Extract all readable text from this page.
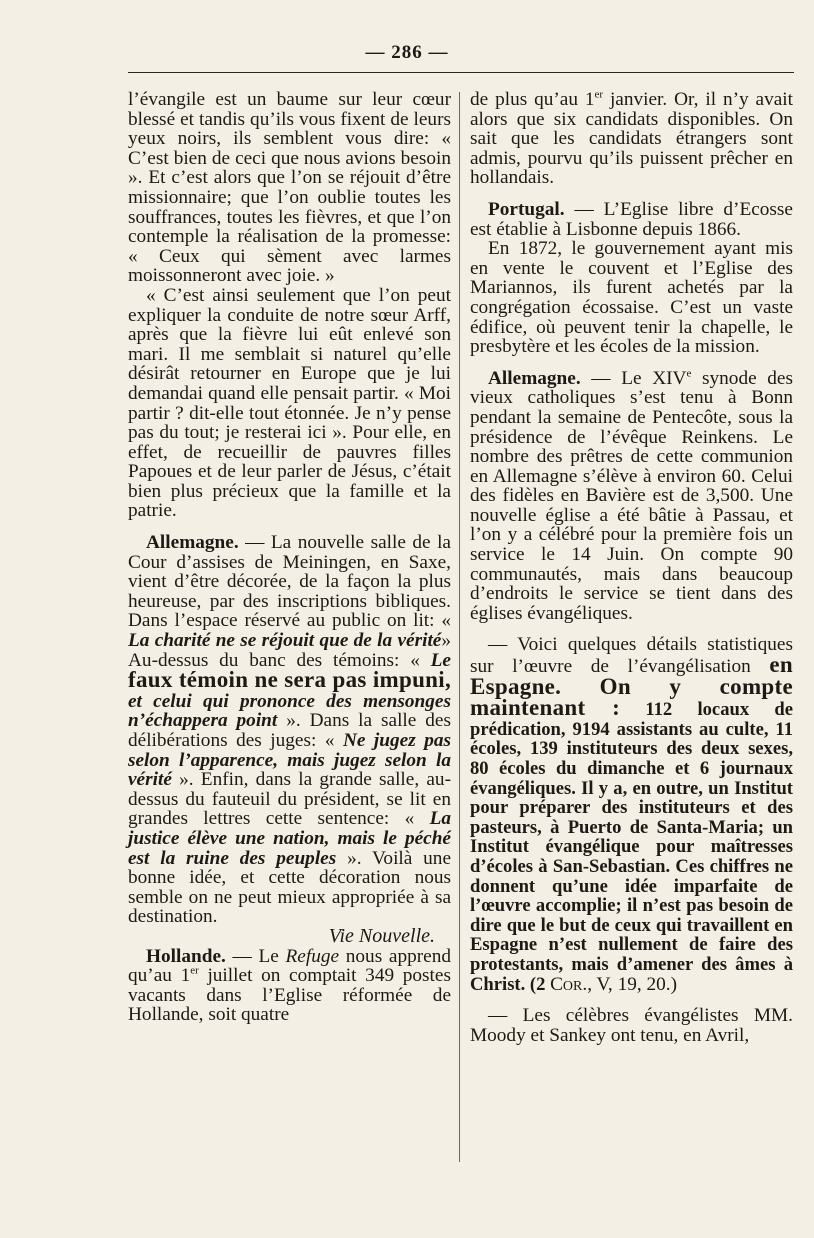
— 286 —

l’évangile est un baume sur leur cœur blessé et tandis qu’ils vous fixent de leurs yeux noirs, ils semblent vous dire: « C’est bien de ceci que nous avions besoin ». Et c’est alors que l’on se réjouit d’être missionnaire; que l’on oublie toutes les souffrances, toutes les fièvres, et que l’on contemple la réalisation de la promesse: « Ceux qui sèment avec larmes moissonneront avec joie. »

« C’est ainsi seulement que l’on peut expliquer la conduite de notre sœur Arff, après que la fièvre lui eût enlevé son mari. Il me semblait si naturel qu’elle désirât retourner en Europe que je lui demandai quand elle pensait partir. « Moi partir ? dit-elle tout étonnée. Je n’y pense pas du tout; je resterai ici ». Pour elle, en effet, de recueillir de pauvres filles Papoues et de leur parler de Jésus, c’était bien plus précieux que la famille et la patrie.

Allemagne. — La nouvelle salle de la Cour d’assises de Meiningen, en Saxe, vient d’être décorée, de la façon la plus heureuse, par des inscriptions bibliques. Dans l’espace réservé au public on lit: « La charité ne se réjouit que de la vérité» Au-dessus du banc des témoins: « Le faux témoin ne sera pas impuni, et celui qui prononce des mensonges n’échappera point ». Dans la salle des délibérations des juges: « Ne jugez pas selon l’apparence, mais jugez selon la vérité ». Enfin, dans la grande salle, au-dessus du fauteuil du président, se lit en grandes lettres cette sentence: « La justice élève une nation, mais le péché est la ruine des peuples ». Voilà une bonne idée, et cette décoration nous semble on ne peut mieux appropriée à sa destination.

Vie Nouvelle.

Hollande. — Le Refuge nous apprend qu’au 1er juillet on comptait 349 postes vacants dans l’Eglise réformée de Hollande, soit quatre

de plus qu’au 1er janvier. Or, il n’y avait alors que six candidats disponibles. On sait que les candidats étrangers sont admis, pourvu qu’ils puissent prêcher en hollandais.

Portugal. — L’Eglise libre d’Ecosse est établie à Lisbonne depuis 1866.

En 1872, le gouvernement ayant mis en vente le couvent et l’Eglise des Mariannos, ils furent achetés par la congrégation écossaise. C’est un vaste édifice, où peuvent tenir la chapelle, le presbytère et les écoles de la mission.

Allemagne. — Le XIVe synode des vieux catholiques s’est tenu à Bonn pendant la semaine de Pentecôte, sous la présidence de l’évêque Reinkens. Le nombre des prêtres de cette communion en Allemagne s’élève à environ 60. Celui des fidèles en Bavière est de 3,500. Une nouvelle église a été bâtie à Passau, et l’on y a célébré pour la première fois un service le 14 Juin. On compte 90 communautés, mais dans beaucoup d’endroits le service se tient dans des églises évangéliques.

— Voici quelques détails statistiques sur l’œuvre de l’évangélisation en Espagne. On y compte maintenant : 112 locaux de prédication, 9194 assistants au culte, 11 écoles, 139 instituteurs des deux sexes, 80 écoles du dimanche et 6 journaux évangéliques. Il y a, en outre, un Institut pour préparer des instituteurs et des pasteurs, à Puerto de Santa-Maria; un Institut évangélique pour maîtresses d’écoles à San-Sebastian. Ces chiffres ne donnent qu’une idée imparfaite de l’œuvre accomplie; il n’est pas besoin de dire que le but de ceux qui travaillent en Espagne n’est nullement de faire des protestants, mais d’amener des âmes à Christ. (2 Cor., V, 19, 20.)

— Les célèbres évangélistes MM. Moody et Sankey ont tenu, en Avril,
